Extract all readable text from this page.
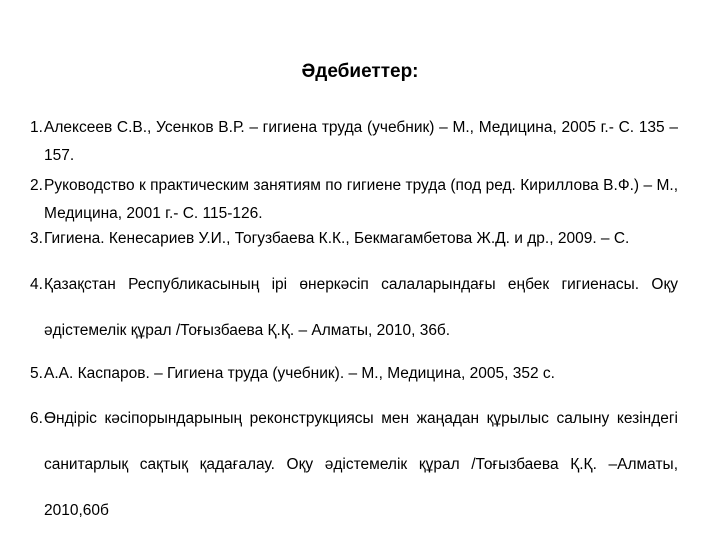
Әдебиеттер:
1. Алексеев С.В., Усенков В.Р. – гигиена труда (учебник) – М., Медицина, 2005 г.- С. 135 – 157.
2. Руководство к практическим занятиям по гигиене труда (под ред. Кириллова В.Ф.) – М., Медицина, 2001 г.- С. 115-126.
3. Гигиена. Кенесариев У.И., Тогузбаева К.К., Бекмагамбетова Ж.Д. и др., 2009. – С.
4. Қазақстан Республикасының ірі өнеркәсіп салаларындағы еңбек гигиенасы. Оқу әдістемелік құрал /Тоғызбаева Қ.Қ. – Алматы, 2010, 36б.
5. А.А. Каспаров. – Гигиена труда (учебник). – М., Медицина, 2005, 352 с.
6. Өндіріс кәсіпорындарының реконструкциясы мен жаңадан құрылыс салыну кезіндегі санитарлық сақтық қадағалау. Оқу әдістемелік құрал /Тоғызбаева Қ.Қ. –Алматы, 2010,60б
